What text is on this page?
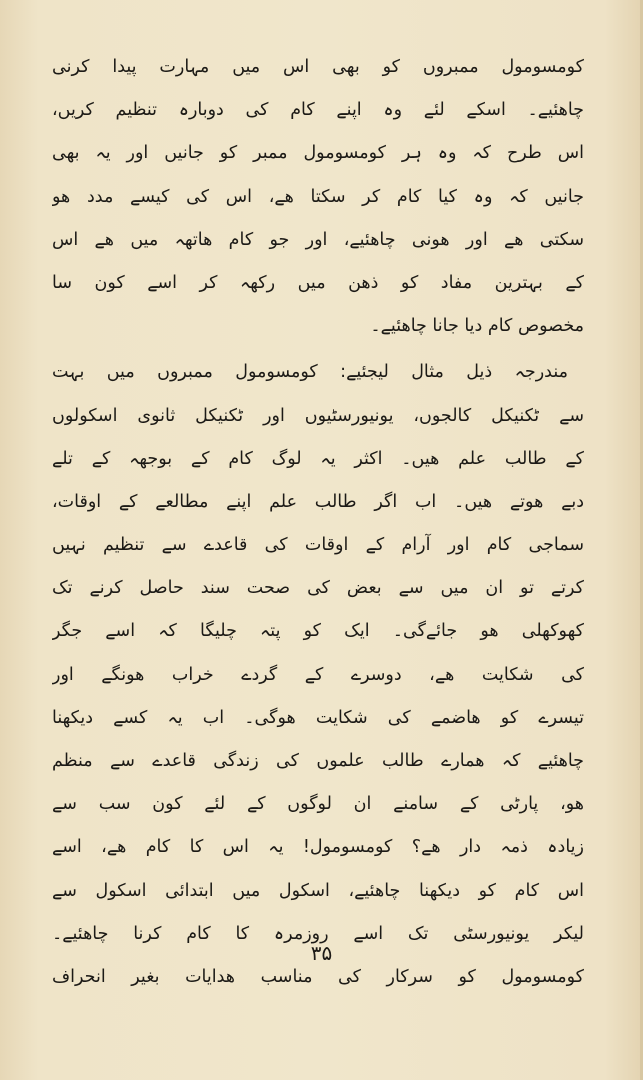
کومسومول ممبروں کو بھی اس میں مہارت پیدا کرنی
چاھئیے۔ اسکے لئے وہ اپنے کام کی دوبارہ تنظیم کریں،
اس طرح کہ وہ ہر کومسومول ممبر کو جانیں اور یہ بھی
جانیں کہ وہ کیا کام کر سکتا ھے، اس کی کیسے مدد ھو
سکتی ھے اور ھونی چاھئیے، اور جو کام ھاتھہ میں ھے اس
کے بہترین مفاد کو ذھن میں رکھہ کر اسے کون سا
مخصوص کام دیا جانا چاھئیے۔
مندرجہ ذیل مثال لیجئیے: کومسومول ممبروں میں بہت
سے ٹکنیکل کالجوں، یونیورسٹیوں اور ٹکنیکل ثانوی اسکولوں
کے طالب علم ھیں۔ اکثر یہ لوگ کام کے بوجھہ کے تلے
دبے ھوتے ھیں۔ اب اگر طالب علم اپنے مطالعے کے اوقات،
سماجی کام اور آرام کے اوقات کی قاعدے سے تنظیم نہیں
کرتے تو ان میں سے بعض کی صحت سند حاصل کرنے تک
کھوکھلی ھو جائےگی۔ ایک کو پتہ چلیگا کہ اسے جگر
کی شکایت ھے، دوسرے کے گردے خراب ھونگے اور
تیسرے کو ھاضمے کی شکایت ھوگی۔ اب یہ کسے دیکھنا
چاھئیے کہ ھمارے طالب علموں کی زندگی قاعدے سے منظم
ھو، پارٹی کے سامنے ان لوگوں کے لئے کون سب سے
زیادہ ذمہ دار ھے؟ کومسومول! یہ اس کا کام ھے، اسے
اس کام کو دیکھنا چاھئیے، اسکول میں ابتدائی اسکول سے
لیکر یونیورسٹی تک اسے روزمرہ کا کام کرنا چاھئیے۔
کومسومول کو سرکار کی مناسب ھدایات بغیر انحراف
۳۵
